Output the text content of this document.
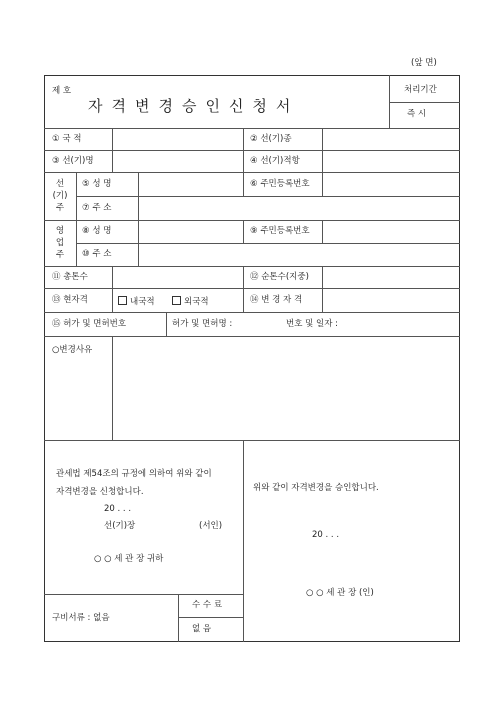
(앞 면)
제 호
자격변경승인신청서
처리기간
즉 시
① 국 적	② 선(기)종
③ 선(기)명	④ 선(기)적항
선
(기)
주
⑤ 성 명	⑥ 주민등록번호
⑦ 주 소
영
업
주
⑧ 성 명	⑨ 주민등록번호
⑩ 주 소
⑪ 총톤수	⑫ 순톤수(지중)
⑬ 현자격	내국적	외국적	⑭ 변 경 자 격
⑮ 허가 및 면허번호	허가 및 면허명 :	번호 및 일자 :
○변경사유
관세법 제54조의 규정에 의하여 위와 같이
자격변경을 신청합니다.
20 . . .
선(기)장	(서인)
○ ○ 세 관 장 귀하
위와 같이 자격변경을 승인합니다.
20 . . .
○ ○ 세 관 장 (인)
구비서류 : 없음
수 수 료
없 음
